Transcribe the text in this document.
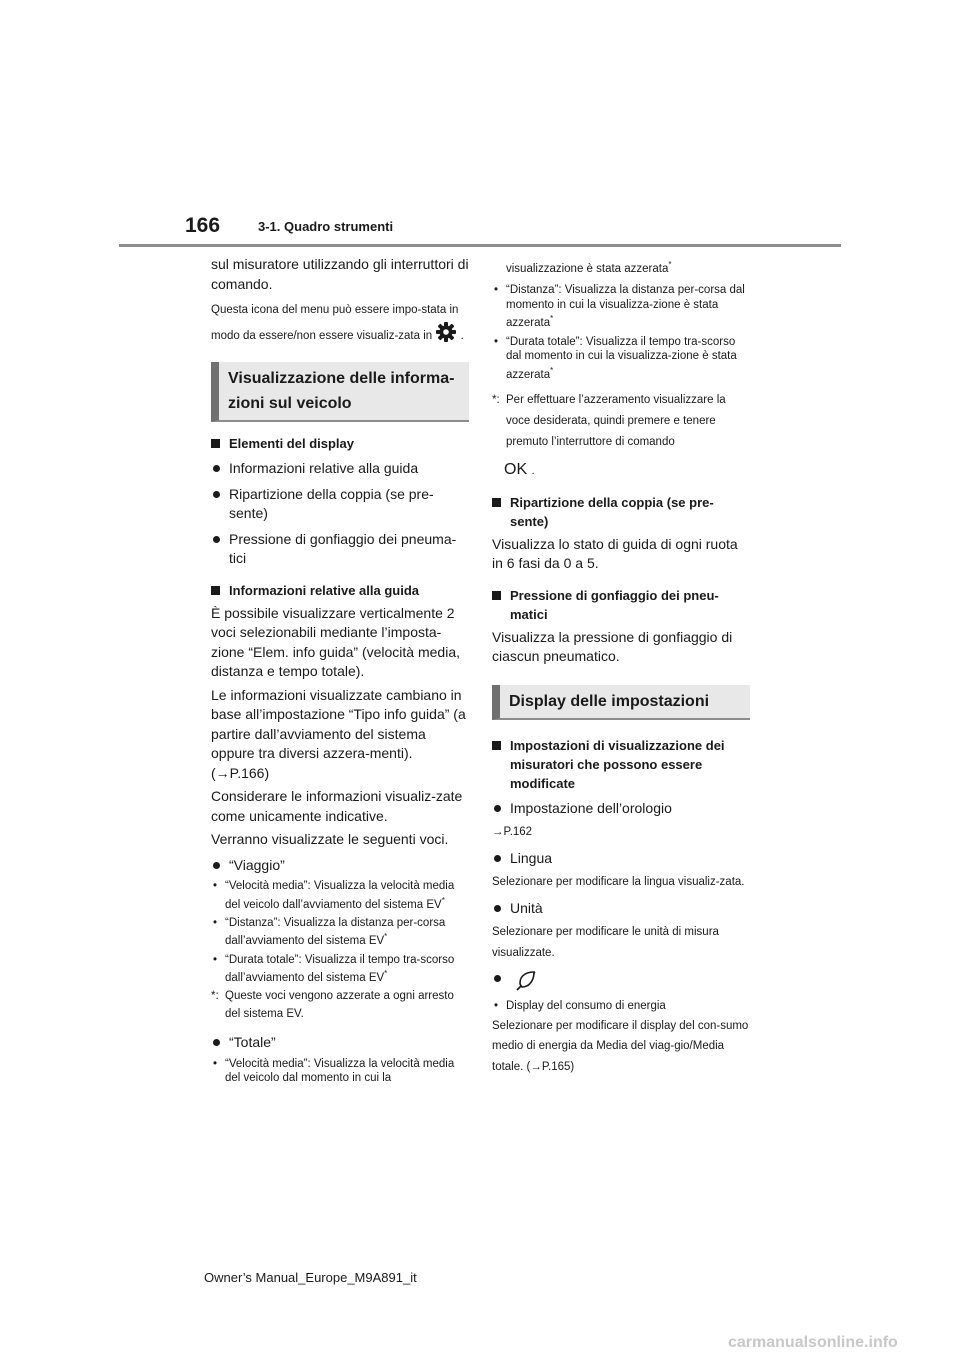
166	3-1. Quadro strumenti

sul misuratore utilizzando gli interruttori di comando.

Questa icona del menu può essere impo-stata in modo da essere/non essere visualiz-zata in .

Visualizzazione delle informa-zioni sul veicolo
Elementi del display
Informazioni relative alla guida
Ripartizione della coppia (se pre-sente)
Pressione di gonfiaggio dei pneuma-tici
Informazioni relative alla guida

È possibile visualizzare verticalmente 2 voci selezionabili mediante l’imposta-zione “Elem. info guida” (velocità media, distanza e tempo totale).

Le informazioni visualizzate cambiano in base all’impostazione “Tipo info guida” (a partire dall’avviamento del sistema oppure tra diversi azzera-menti). (→P.166)

Considerare le informazioni visualiz-zate come unicamente indicative.

Verranno visualizzate le seguenti voci.

“Viaggio”
• “Velocità media”: Visualizza la velocità media del veicolo dall’avviamento del sistema EV*
• “Distanza”: Visualizza la distanza per-corsa dall’avviamento del sistema EV*
• “Durata totale”: Visualizza il tempo tra-scorso dall’avviamento del sistema EV*
*: Queste voci vengono azzerate a ogni arresto del sistema EV.
“Totale”
• “Velocità media”: Visualizza la velocità media del veicolo dal momento in cui la

visualizzazione è stata azzerata*

• “Distanza”: Visualizza la distanza per-corsa dal momento in cui la visualizza-zione è stata azzerata*
• “Durata totale”: Visualizza il tempo tra-scorso dal momento in cui la visualizza-zione è stata azzerata*
*: Per effettuare l’azzeramento visualizzare la voce desiderata, quindi premere e tenere premuto l’interruttore di comando
OK .
Ripartizione della coppia (se pre-sente)

Visualizza lo stato di guida di ogni ruota in 6 fasi da 0 a 5.

Pressione di gonfiaggio dei pneu-matici

Visualizza la pressione di gonfiaggio di ciascun pneumatico.

Display delle impostazioni
Impostazioni di visualizzazione dei misuratori che possono essere modificate
Impostazione dell’orologio

→P.162

Lingua

Selezionare per modificare la lingua visualiz-zata.

Unità

Selezionare per modificare le unità di misura visualizzate.

• Display del consumo di energia

Selezionare per modificare il display del con-sumo medio di energia da Media del viag-gio/Media totale. (→P.165)

Owner’s Manual_Europe_M9A891_it
carmanualsonline.info
